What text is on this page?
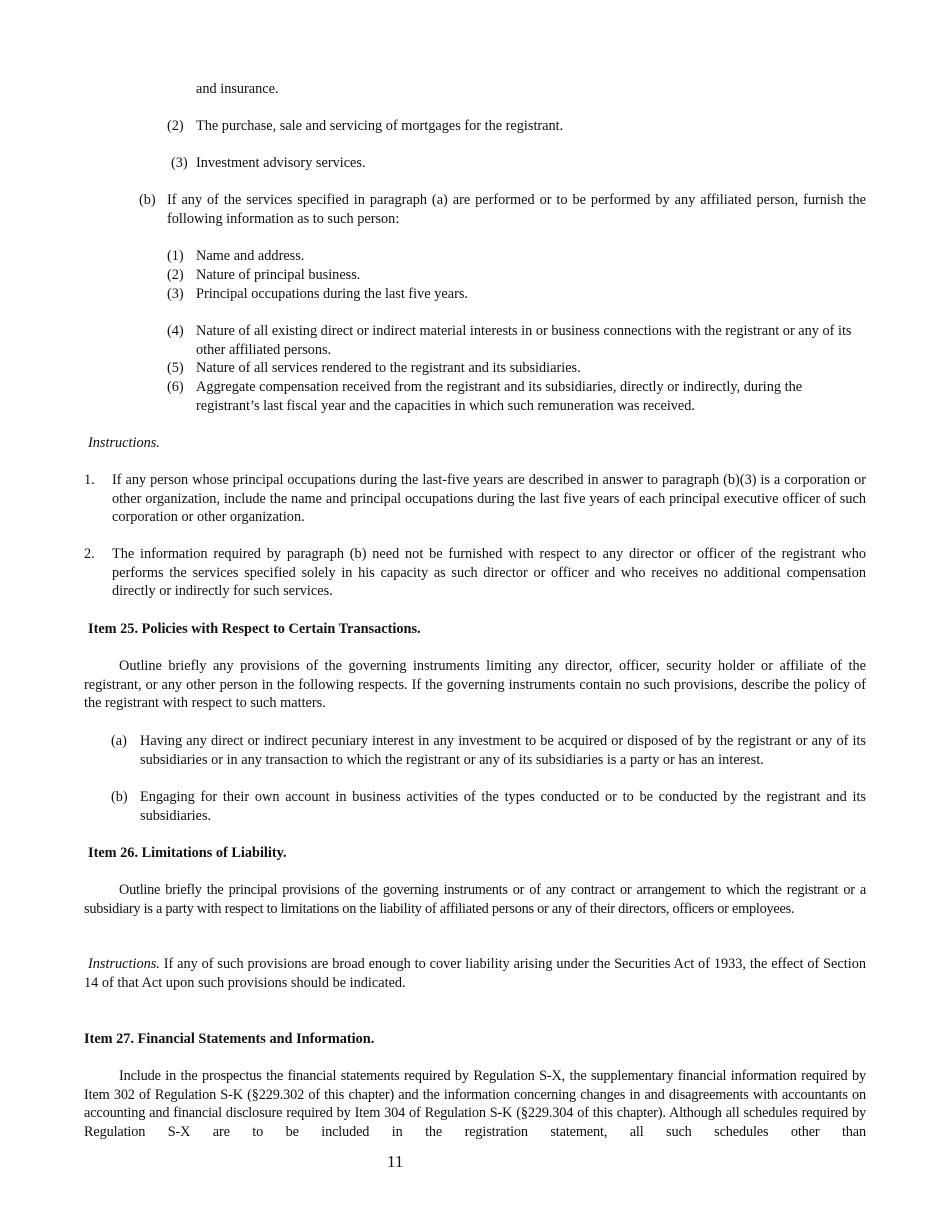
and insurance.
(2) The purchase, sale and servicing of mortgages for the registrant.
(3) Investment advisory services.
(b) If any of the services specified in paragraph (a) are performed or to be performed by any affiliated person, furnish the following information as to such person:
(1) Name and address.
(2) Nature of principal business.
(3) Principal occupations during the last five years.
(4) Nature of all existing direct or indirect material interests in or business connections with the registrant or any of its other affiliated persons.
(5) Nature of all services rendered to the registrant and its subsidiaries.
(6) Aggregate compensation received from the registrant and its subsidiaries, directly or indirectly, during the registrant’s last fiscal year and the capacities in which such remuneration was received.
Instructions.
1. If any person whose principal occupations during the last-five years are described in answer to paragraph (b)(3) is a corporation or other organization, include the name and principal occupations during the last five years of each principal executive officer of such corporation or other organization.
2. The information required by paragraph (b) need not be furnished with respect to any director or officer of the registrant who performs the services specified solely in his capacity as such director or officer and who receives no additional compensation directly or indirectly for such services.
Item 25. Policies with Respect to Certain Transactions.
Outline briefly any provisions of the governing instruments limiting any director, officer, security holder or affiliate of the registrant, or any other person in the following respects. If the governing instruments contain no such provisions, describe the policy of the registrant with respect to such matters.
(a) Having any direct or indirect pecuniary interest in any investment to be acquired or disposed of by the registrant or any of its subsidiaries or in any transaction to which the registrant or any of its subsidiaries is a party or has an interest.
(b) Engaging for their own account in business activities of the types conducted or to be conducted by the registrant and its subsidiaries.
Item 26. Limitations of Liability.
Outline briefly the principal provisions of the governing instruments or of any contract or arrangement to which the registrant or a subsidiary is a party with respect to limitations on the liability of affiliated persons or any of their directors, officers or employees.
Instructions. If any of such provisions are broad enough to cover liability arising under the Securities Act of 1933, the effect of Section 14 of that Act upon such provisions should be indicated.
Item 27. Financial Statements and Information.
Include in the prospectus the financial statements required by Regulation S-X, the supplementary financial information required by Item 302 of Regulation S-K (§229.302 of this chapter) and the information concerning changes in and disagreements with accountants on accounting and financial disclosure required by Item 304 of Regulation S-K (§229.304 of this chapter). Although all schedules required by Regulation S-X are to be included in the registration statement, all such schedules other than
11
